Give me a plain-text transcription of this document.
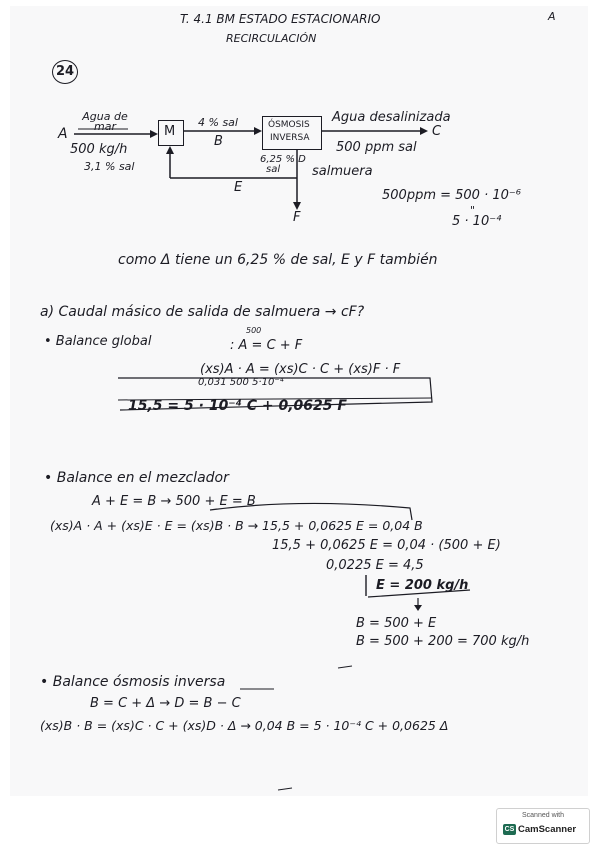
T. 4.1 BM ESTADO ESTACIONARIO
RECIRCULACIÓN
A
24
A
Agua de mar
500 kg/h
3,1 % sal
M
4 % sal
B
ÓSMOSIS
INVERSA
Agua desalinizada
C
500 ppm sal
6,25 % D
sal salmuera
E
F
500ppm = 500 · 10⁻⁶
"
5 · 10⁻⁴
como Δ tiene un 6,25 % de sal, E y F también
a) Caudal másico de salida de salmuera → cF?
• Balance global	: A = C + F
500
(xs)A · A = (xs)C · C + (xs)F · F
0,031 500 5·10⁻⁴
15,5 = 5 · 10⁻⁴ C + 0,0625 F
• Balance en el mezclador
A + E = B → 500 + E = B
(xs)A · A + (xs)E · E = (xs)B · B → 15,5 + 0,0625 E = 0,04 B
15,5 + 0,0625 E = 0,04 · (500 + E)
0,0225 E = 4,5
E = 200 kg/h
B = 500 + E
B = 500 + 200 = 700 kg/h
• Balance ósmosis inversa
B = C + Δ → D = B − C
(xs)B · B = (xs)C · C + (xs)D · Δ → 0,04 B = 5 · 10⁻⁴ C + 0,0625 Δ
Scanned with
CS CamScanner
